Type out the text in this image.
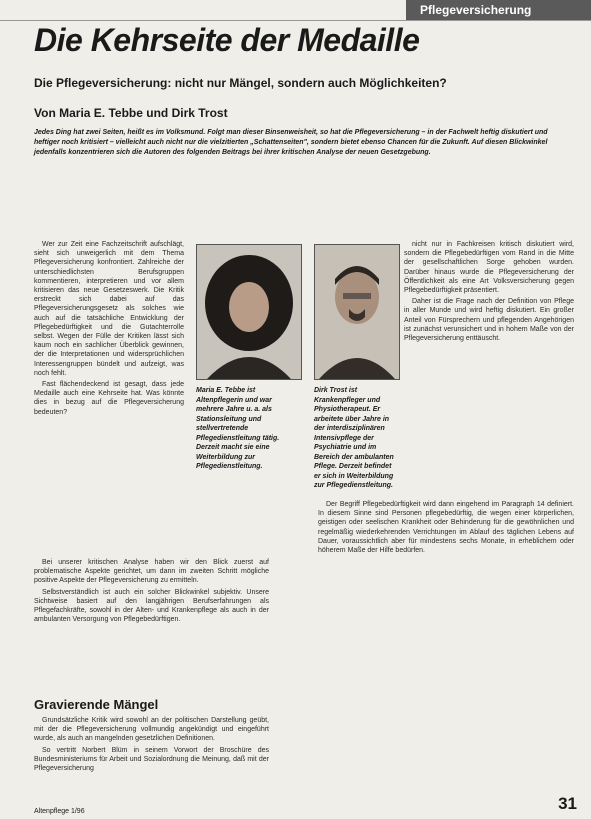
Pflegeversicherung
Die Kehrseite der Medaille
Die Pflegeversicherung: nicht nur Mängel, sondern auch Möglichkeiten?
Von Maria E. Tebbe und Dirk Trost
Jedes Ding hat zwei Seiten, heißt es im Volksmund. Folgt man dieser Binsenweisheit, so hat die Pflegeversicherung – in der Fachwelt heftig diskutiert und heftiger noch kritisiert – vielleicht auch nicht nur die vielzitierten „Schattenseiten", sondern bietet ebenso Chancen für die Zukunft. Auf diesen Blickwinkel jedenfalls konzentrieren sich die Autoren des folgenden Beitrags bei ihrer kritischen Analyse der neuen Gesetzgebung.

Wer zur Zeit eine Fachzeitschrift aufschlägt, sieht sich unweigerlich mit dem Thema Pflegeversicherung konfrontiert. Zahlreiche der unterschiedlichsten Berufsgruppen kommentieren, interpretieren und vor allem kritisieren das neue Gesetzeswerk. Die Kritik erstreckt sich dabei auf das Pflegeversicherungsgesetz als solches wie auch auf die tatsächliche Entwicklung der Pflegebedürftigkeit und die Gutachterrolle selbst. Wegen der Fülle der Kritiken lässt sich kaum noch ein sachlicher Überblick gewinnen, der die Interpretationen und widersprüchlichen Interessengruppen bündelt und aufzeigt, was noch fehlt.

Fast flächendeckend ist gesagt, dass jede Medaille auch eine Kehrseite hat. Was könnte dies in bezug auf die Pflegeversicherung bedeuten?

Maria E. Tebbe ist Altenpflegerin und war mehrere Jahre u. a. als Stationsleitung und stellvertretende Pflegedienstleitung tätig. Derzeit macht sie eine Weiterbildung zur Pflegedienstleitung.
Dirk Trost ist Krankenpfleger und Physiotherapeut. Er arbeitete über Jahre in der interdisziplinären Intensivpflege der Psychiatrie und im Bereich der ambulanten Pflege. Derzeit befindet er sich in Weiterbildung zur Pflegedienstleitung.

nicht nur in Fachkreisen kritisch diskutiert wird, sondern die Pflegebedürftigen vom Rand in die Mitte der gesellschaftlichen Sorge gehoben wurden. Darüber hinaus wurde die Pflegeversicherung der Öffentlichkeit als eine Art Volksversicherung gegen Pflegebedürftigkeit präsentiert.

Daher ist die Frage nach der Definition von Pflege in aller Munde und wird heftig diskutiert. Ein großer Anteil von Fürsprechern und pflegenden Angehörigen ist zunächst verunsichert und in hohem Maße von der Pflegeversicherung enttäuscht.

Der Begriff Pflegebedürftigkeit wird dann eingehend im Paragraph 14 definiert. In diesem Sinne sind Personen pflegebedürftig, die wegen einer körperlichen, geistigen oder seelischen Krankheit oder Behinderung für die gewöhnlichen und regelmäßig wiederkehrenden Verrichtungen im Ablauf des täglichen Lebens auf Dauer, voraussichtlich aber für mindestens sechs Monate, in erheblichem oder höherem Maße der Hilfe bedürfen.

Bei unserer kritischen Analyse haben wir den Blick zuerst auf problematische Aspekte gerichtet, um dann im zweiten Schritt mögliche positive Aspekte der Pflegeversicherung zu ermitteln.

Selbstverständlich ist auch ein solcher Blickwinkel subjektiv. Unsere Sichtweise basiert auf den langjährigen Berufserfahrungen als Pflegefachkräfte, sowohl in der Alten- und Krankenpflege als auch in der ambulanten Versorgung von Pflegebedürftigen.

Gravierende Mängel

Grundsätzliche Kritik wird sowohl an der politischen Darstellung geübt, mit der die Pflegeversicherung vollmundig angekündigt und eingeführt wurde, als auch an mangelnden gesetzlichen Definitionen.

So vertritt Norbert Blüm in seinem Vorwort der Broschüre des Bundesministeriums für Arbeit und Sozialordnung die Meinung, daß mit der Pflegeversicherung

Altenpflege 1/96	31
